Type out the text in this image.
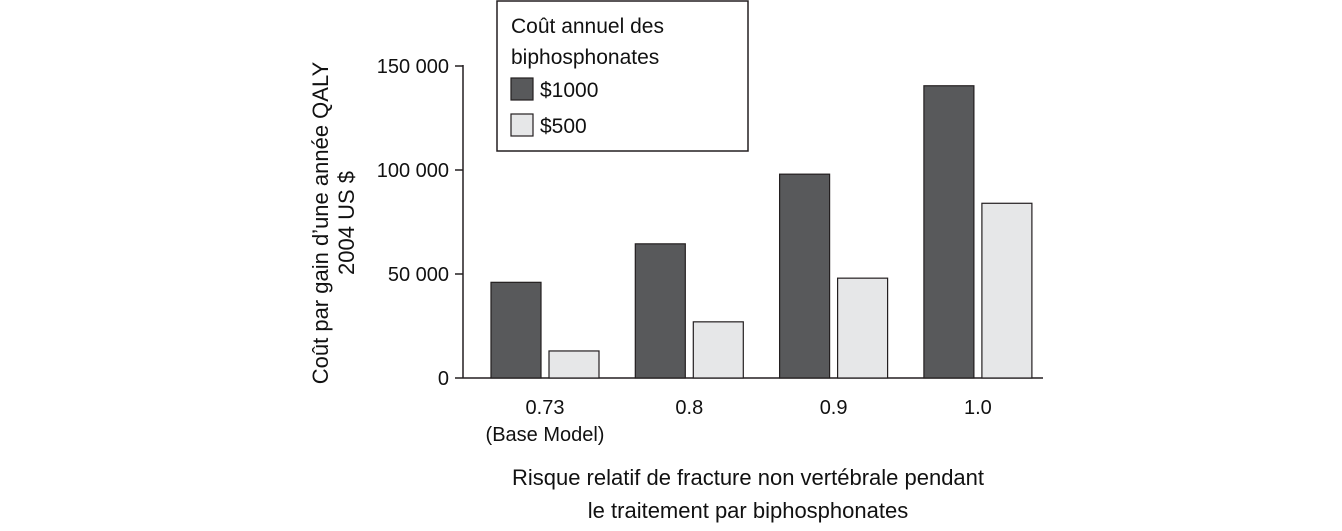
Coût par gain d’une année QALY 2004 US $
0
50 000
100 000
150 000
0.73
(Base Model)
0.8	0.9	1.0
Risque relatif de fracture non vertébrale pendant
le traitement par biphosphonates
Coût annuel des
biphosphonates
$1000
$500
